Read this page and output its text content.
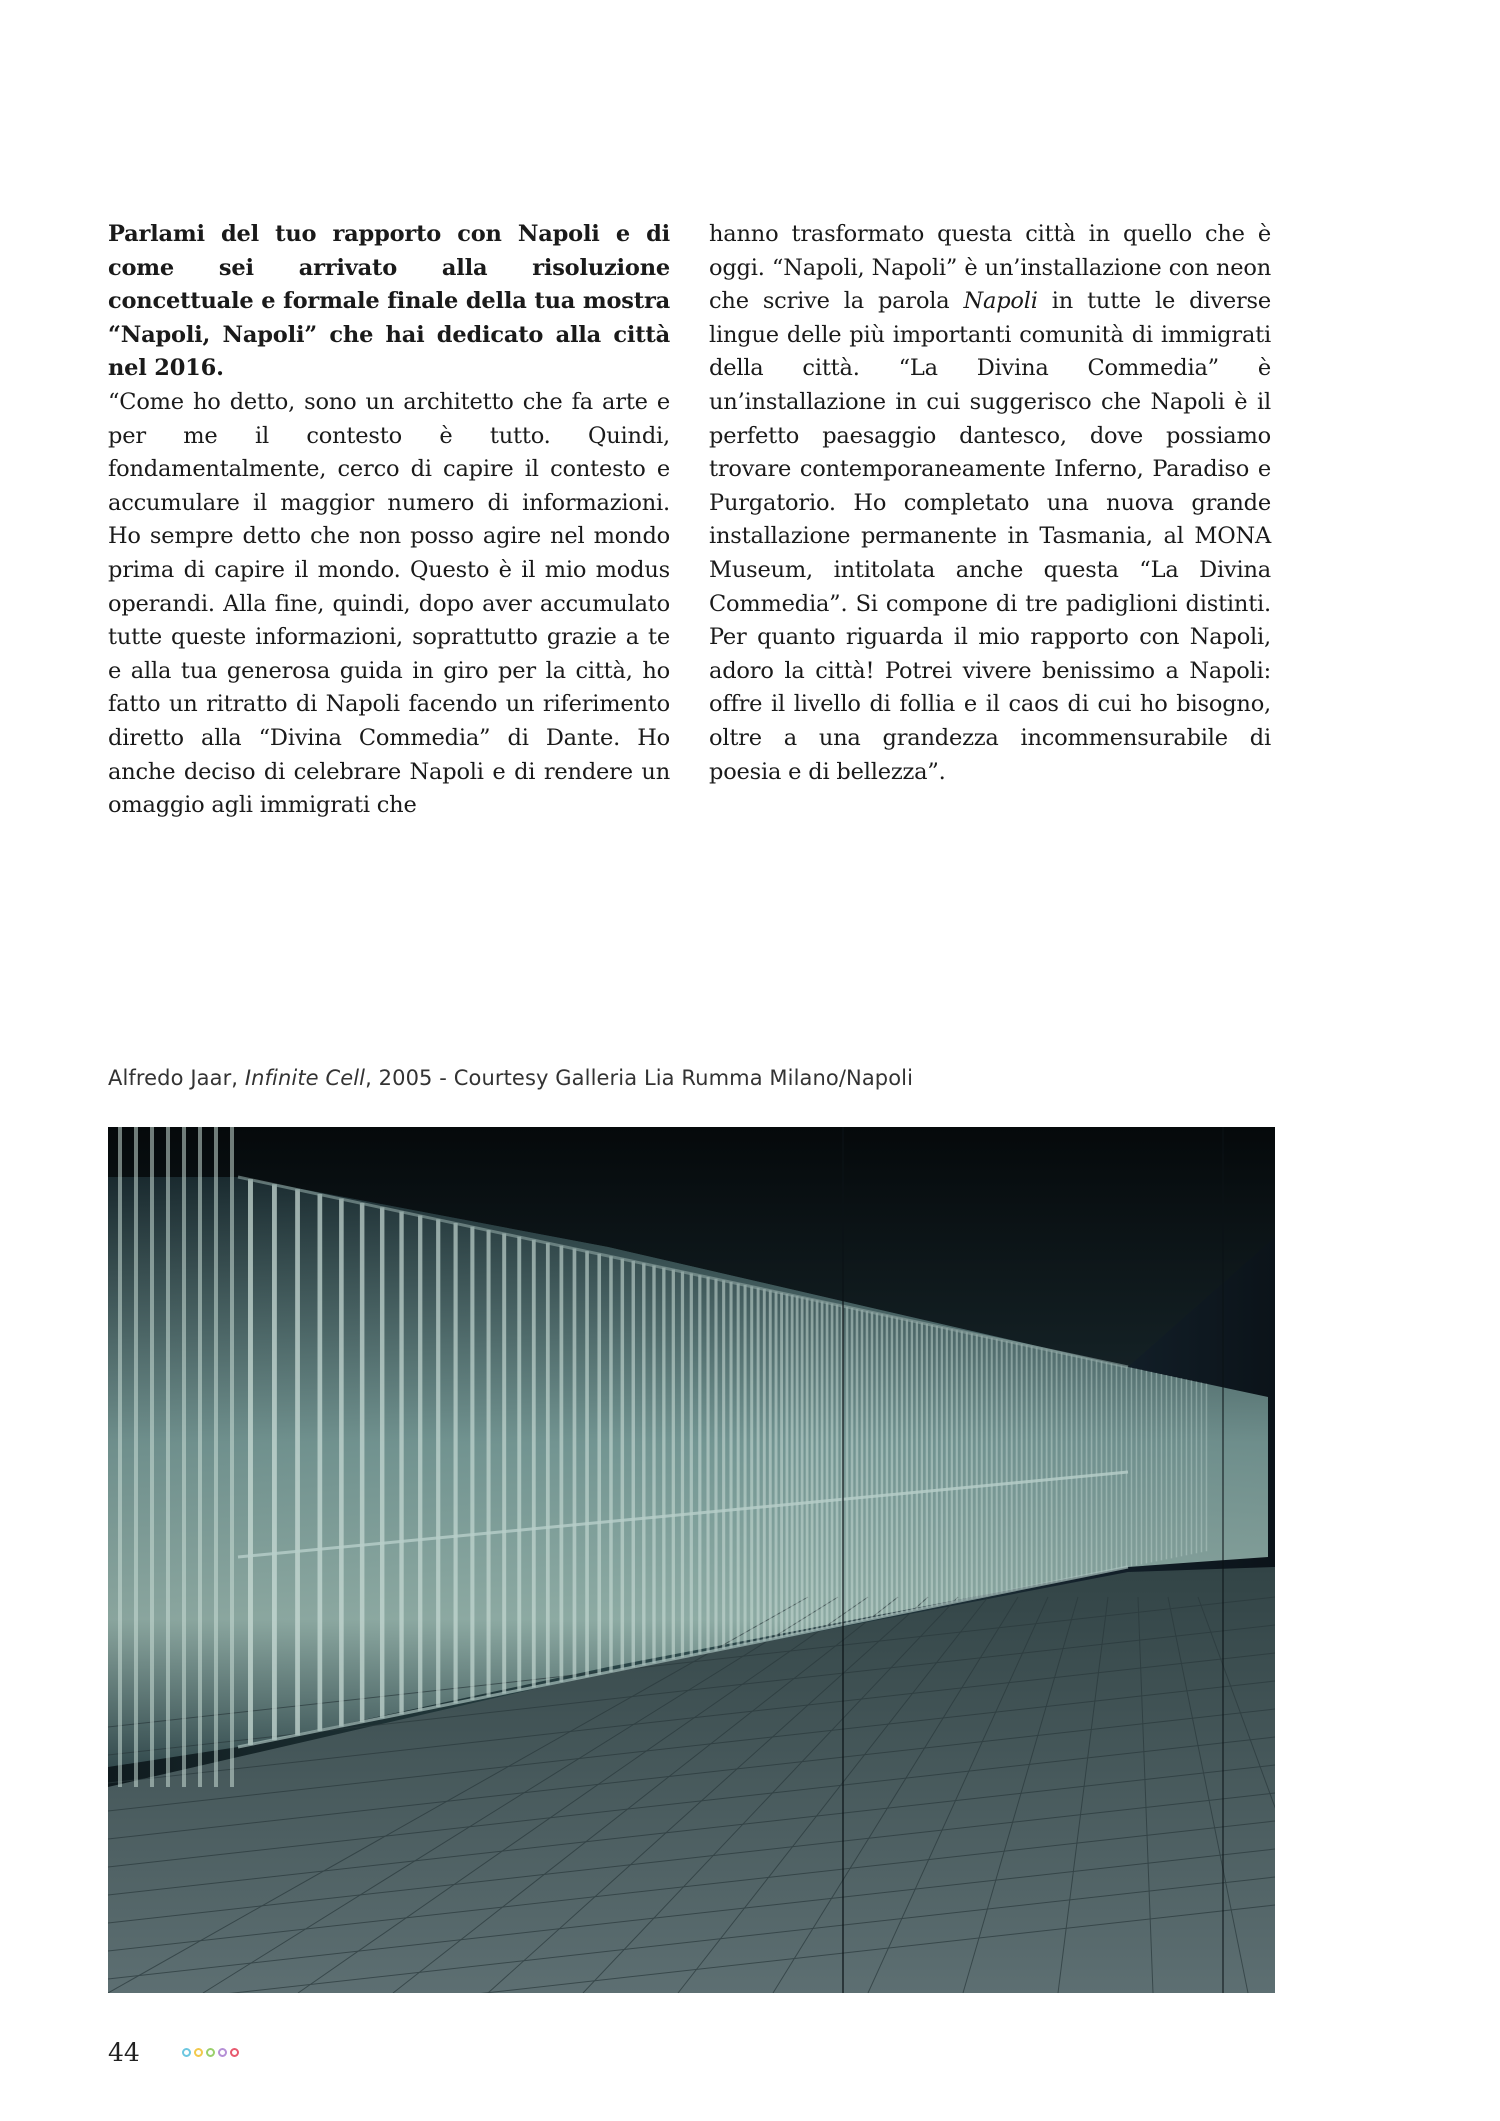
Parlami del tuo rapporto con Napoli e di come sei arrivato alla risoluzione concettuale e formale finale della tua mostra “Napoli, Napoli” che hai dedicato alla città nel 2016.

“Come ho detto, sono un architetto che fa arte e per me il contesto è tutto. Quindi, fondamentalmente, cerco di capire il contesto e accumulare il maggior numero di informazioni. Ho sempre detto che non posso agire nel mondo prima di capire il mondo. Questo è il mio modus operandi. Alla fine, quindi, dopo aver accumulato tutte queste informazioni, soprattutto grazie a te e alla tua generosa guida in giro per la città, ho fatto un ritratto di Napoli facendo un riferimento diretto alla “Divina Commedia” di Dante. Ho anche deciso di celebrare Napoli e di rendere un omaggio agli immigrati che

hanno trasformato questa città in quello che è oggi. “Napoli, Napoli” è un’installazione con neon che scrive la parola Napoli in tutte le diverse lingue delle più importanti comunità di immigrati della città. “La Divina Commedia” è un’installazione in cui suggerisco che Napoli è il perfetto paesaggio dantesco, dove possiamo trovare contemporaneamente Inferno, Paradiso e Purgatorio. Ho completato una nuova grande installazione permanente in Tasmania, al MONA Museum, intitolata anche questa “La Divina Commedia”. Si compone di tre padiglioni distinti. Per quanto riguarda il mio rapporto con Napoli, adoro la città! Potrei vivere benissimo a Napoli: offre il livello di follia e il caos di cui ho bisogno, oltre a una grandezza incommensurabile di poesia e di bellezza”.

Alfredo Jaar, Infinite Cell, 2005 - Courtesy Galleria Lia Rumma Milano/Napoli
44
